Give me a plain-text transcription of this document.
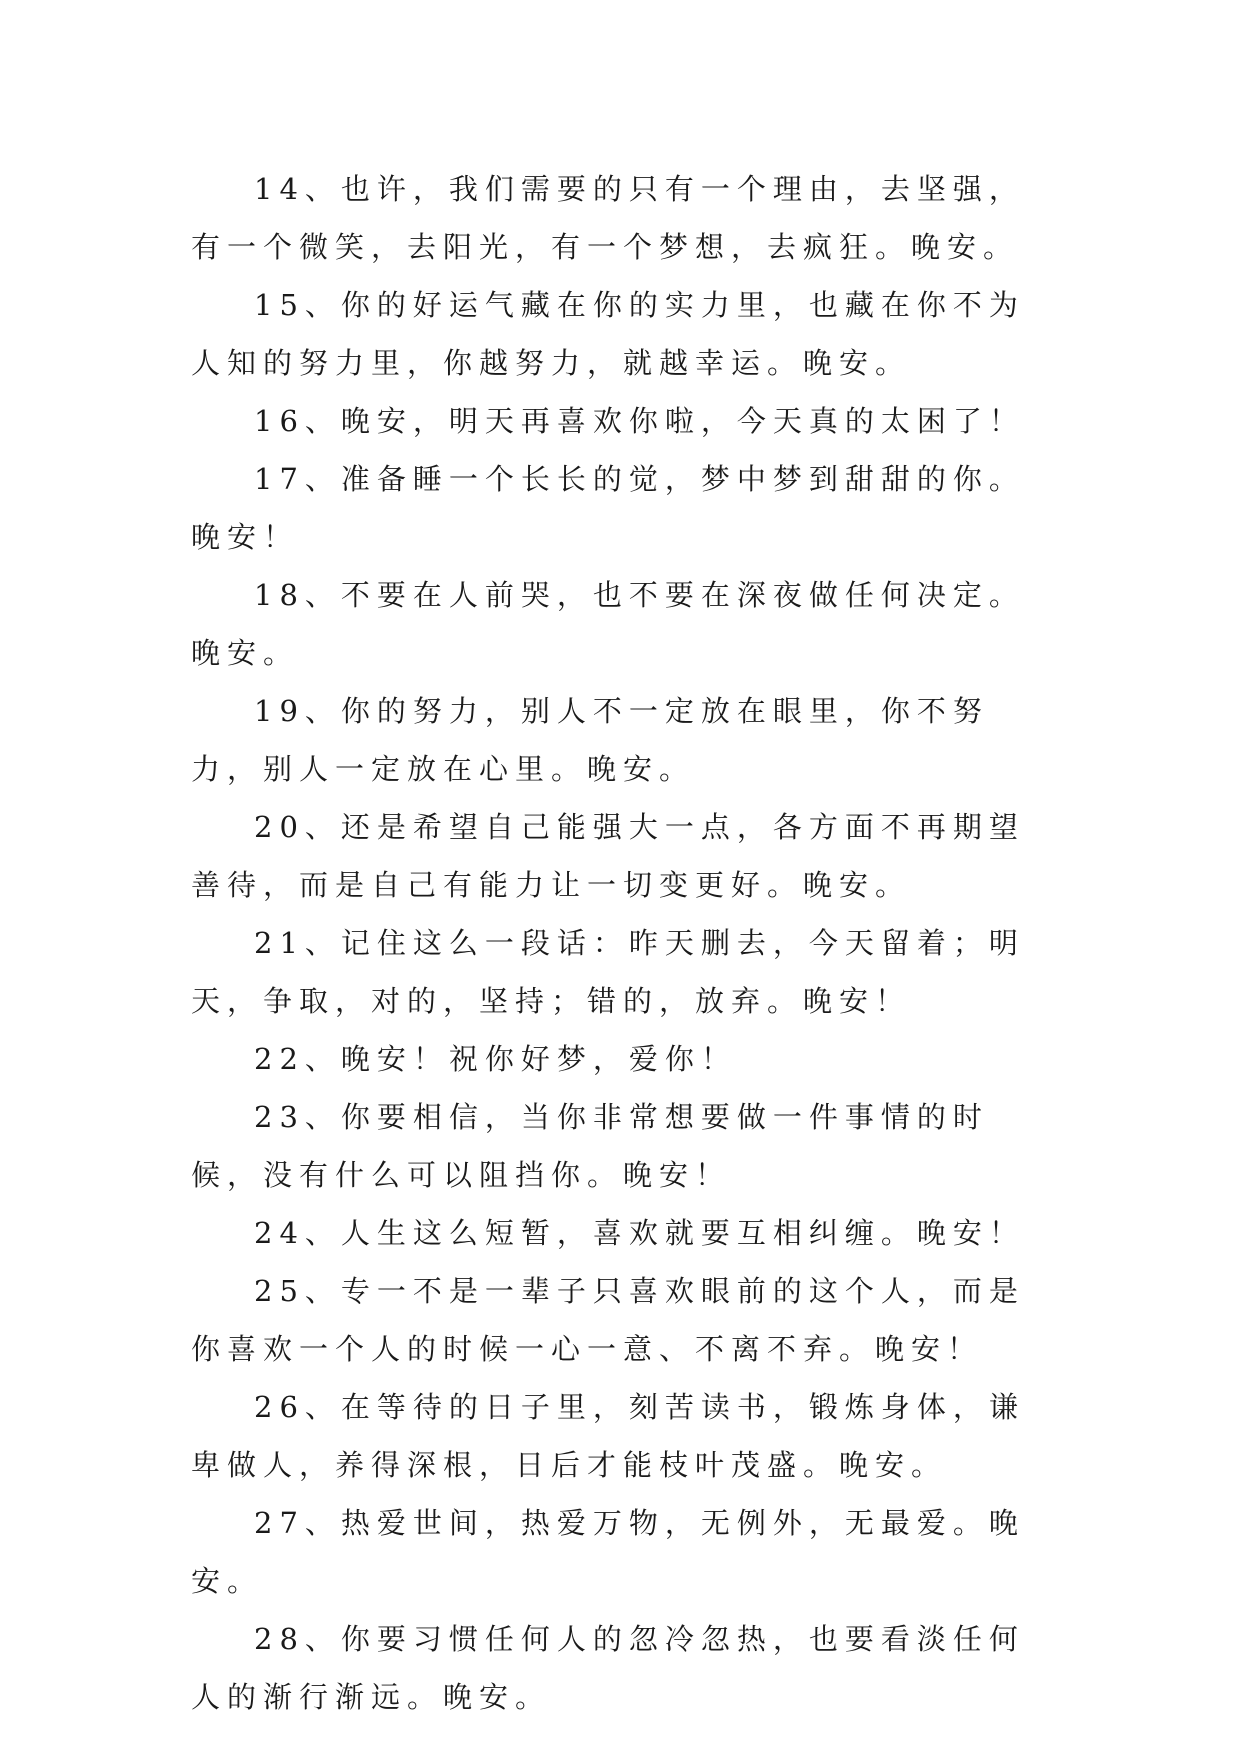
14、也许，我们需要的只有一个理由，去坚强，有一个微笑，去阳光，有一个梦想，去疯狂。晚安。

15、你的好运气藏在你的实力里，也藏在你不为人知的努力里，你越努力，就越幸运。晚安。

16、晚安，明天再喜欢你啦，今天真的太困了！

17、准备睡一个长长的觉，梦中梦到甜甜的你。晚安！

18、不要在人前哭，也不要在深夜做任何决定。晚安。

19、你的努力，别人不一定放在眼里，你不努力，别人一定放在心里。晚安。

20、还是希望自己能强大一点，各方面不再期望善待，而是自己有能力让一切变更好。晚安。

21、记住这么一段话：昨天删去，今天留着；明天，争取，对的，坚持；错的，放弃。晚安！

22、晚安！祝你好梦，爱你！

23、你要相信，当你非常想要做一件事情的时候，没有什么可以阻挡你。晚安！

24、人生这么短暂，喜欢就要互相纠缠。晚安！

25、专一不是一辈子只喜欢眼前的这个人，而是你喜欢一个人的时候一心一意、不离不弃。晚安！

26、在等待的日子里，刻苦读书，锻炼身体，谦卑做人，养得深根，日后才能枝叶茂盛。晚安。

27、热爱世间，热爱万物，无例外，无最爱。晚安。

28、你要习惯任何人的忽冷忽热，也要看淡任何人的渐行渐远。晚安。
